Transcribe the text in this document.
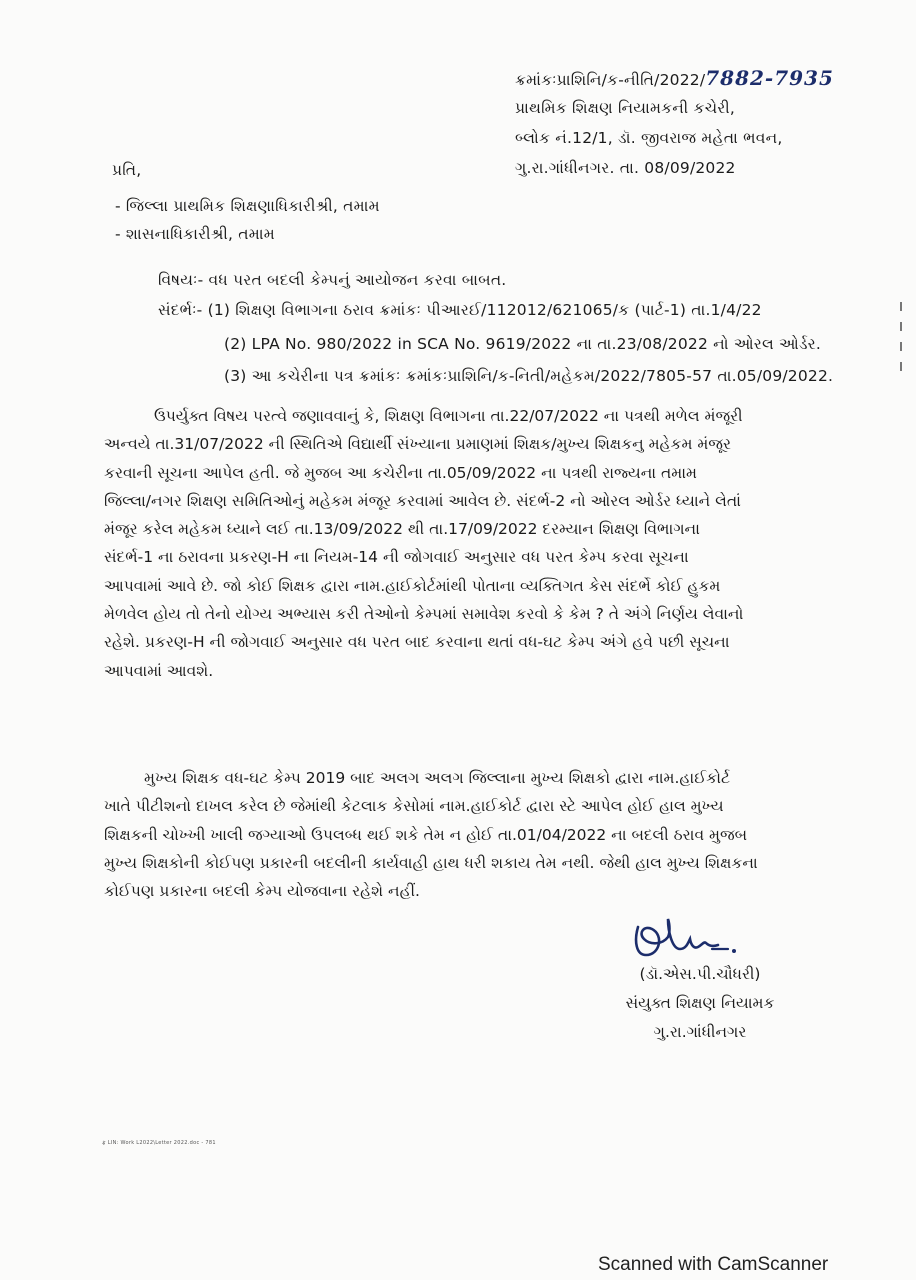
ક્રમાંકઃપ્રાશિનિ/ક-નીતિ/2022/7882-7935
પ્રાથમિક શિક્ષણ નિયામકની કચેરી,
બ્લોક નં.12/1, ડૉ. જીવરાજ મહેતા ભવન,
ગુ.રા.ગાંધીનગર. તા. 08/09/2022
પ્રતિ,
- જિલ્લા પ્રાથમિક શિક્ષણાધિકારીશ્રી, તમામ
- શાસનાધિકારીશ્રી, તમામ
વિષયઃ- વધ પરત બદલી કેમ્પનું આયોજન કરવા બાબત.
સંદર્ભઃ- (1) શિક્ષણ વિભાગના ઠરાવ ક્રમાંકઃ પીઆરઈ/112012/621065/ક (પાર્ટ-1) તા.1/4/22
(2) LPA No. 980/2022 in SCA No. 9619/2022 ના તા.23/08/2022 નો ઓરલ ઓર્ડર.
(3) આ કચેરીના પત્ર ક્રમાંકઃ ક્રમાંકઃપ્રાશિનિ/ક-નિતી/મહેકમ/2022/7805-57 તા.05/09/2022.
ઉપર્યુક્ત વિષય પરત્વે જણાવવાનું કે, શિક્ષણ વિભાગના તા.22/07/2022 ના પત્રથી મળેલ મંજૂરી
અન્વયે તા.31/07/2022 ની સ્થિતિએ વિદ્યાર્થી સંખ્યાના પ્રમાણમાં શિક્ષક/મુખ્ય શિક્ષકનુ મહેકમ મંજૂર
કરવાની સૂચના આપેલ હતી. જે મુજબ આ કચેરીના તા.05/09/2022 ના પત્રથી રાજ્યના તમામ
જિલ્લા/નગર શિક્ષણ સમિતિઓનું મહેકમ મંજૂર કરવામાં આવેલ છે. સંદર્ભ-2 નો ઓરલ ઓર્ડર ધ્યાને લેતાં
મંજૂર કરેલ મહેકમ ધ્યાને લઈ તા.13/09/2022 થી તા.17/09/2022 દરમ્યાન શિક્ષણ વિભાગના
સંદર્ભ-1 ના ઠરાવના પ્રકરણ-H ના નિયમ-14 ની જોગવાઈ અનુસાર વધ પરત કેમ્પ કરવા સૂચના
આપવામાં આવે છે. જો કોઈ શિક્ષક દ્વારા નામ.હાઈકોર્ટમાંથી પોતાના વ્યક્તિગત કેસ સંદર્ભે કોઈ હુકમ
મેળવેલ હોય તો તેનો યોગ્ય અભ્યાસ કરી તેઓનો કેમ્પમાં સમાવેશ કરવો કે કેમ ? તે અંગે નિર્ણય લેવાનો
રહેશે. પ્રકરણ-H ની જોગવાઈ અનુસાર વધ પરત બાદ કરવાના થતાં વધ-ઘટ કેમ્પ અંગે હવે પછી સૂચના
આપવામાં આવશે.
મુખ્ય શિક્ષક વધ-ઘટ કેમ્પ 2019 બાદ અલગ અલગ જિલ્લાના મુખ્ય શિક્ષકો દ્વારા નામ.હાઈકોર્ટ
ખાતે પીટીશનો દાખલ કરેલ છે જેમાંથી કેટલાક કેસોમાં નામ.હાઈકોર્ટ દ્વારા સ્ટે આપેલ હોઈ હાલ મુખ્ય
શિક્ષકની ચોખ્ખી ખાલી જગ્યાઓ ઉપલબ્ધ થઈ શકે તેમ ન હોઈ તા.01/04/2022 ના બદલી ઠરાવ મુજબ
મુખ્ય શિક્ષકોની કોઈપણ પ્રકારની બદલીની કાર્યવાહી હાથ ધરી શકાય તેમ નથી. જેથી હાલ મુખ્ય શિક્ષકના
કોઈપણ પ્રકારના બદલી કેમ્પ યોજવાના રહેશે નહીં.
(ડૉ.એસ.પી.ચૌધરી)
સંયુક્ત શિક્ષણ નિયામક
ગુ.રા.ગાંધીનગર
ફ LIN: Work L2022\Letter 2022.doc - 781
Scanned with CamScanner
